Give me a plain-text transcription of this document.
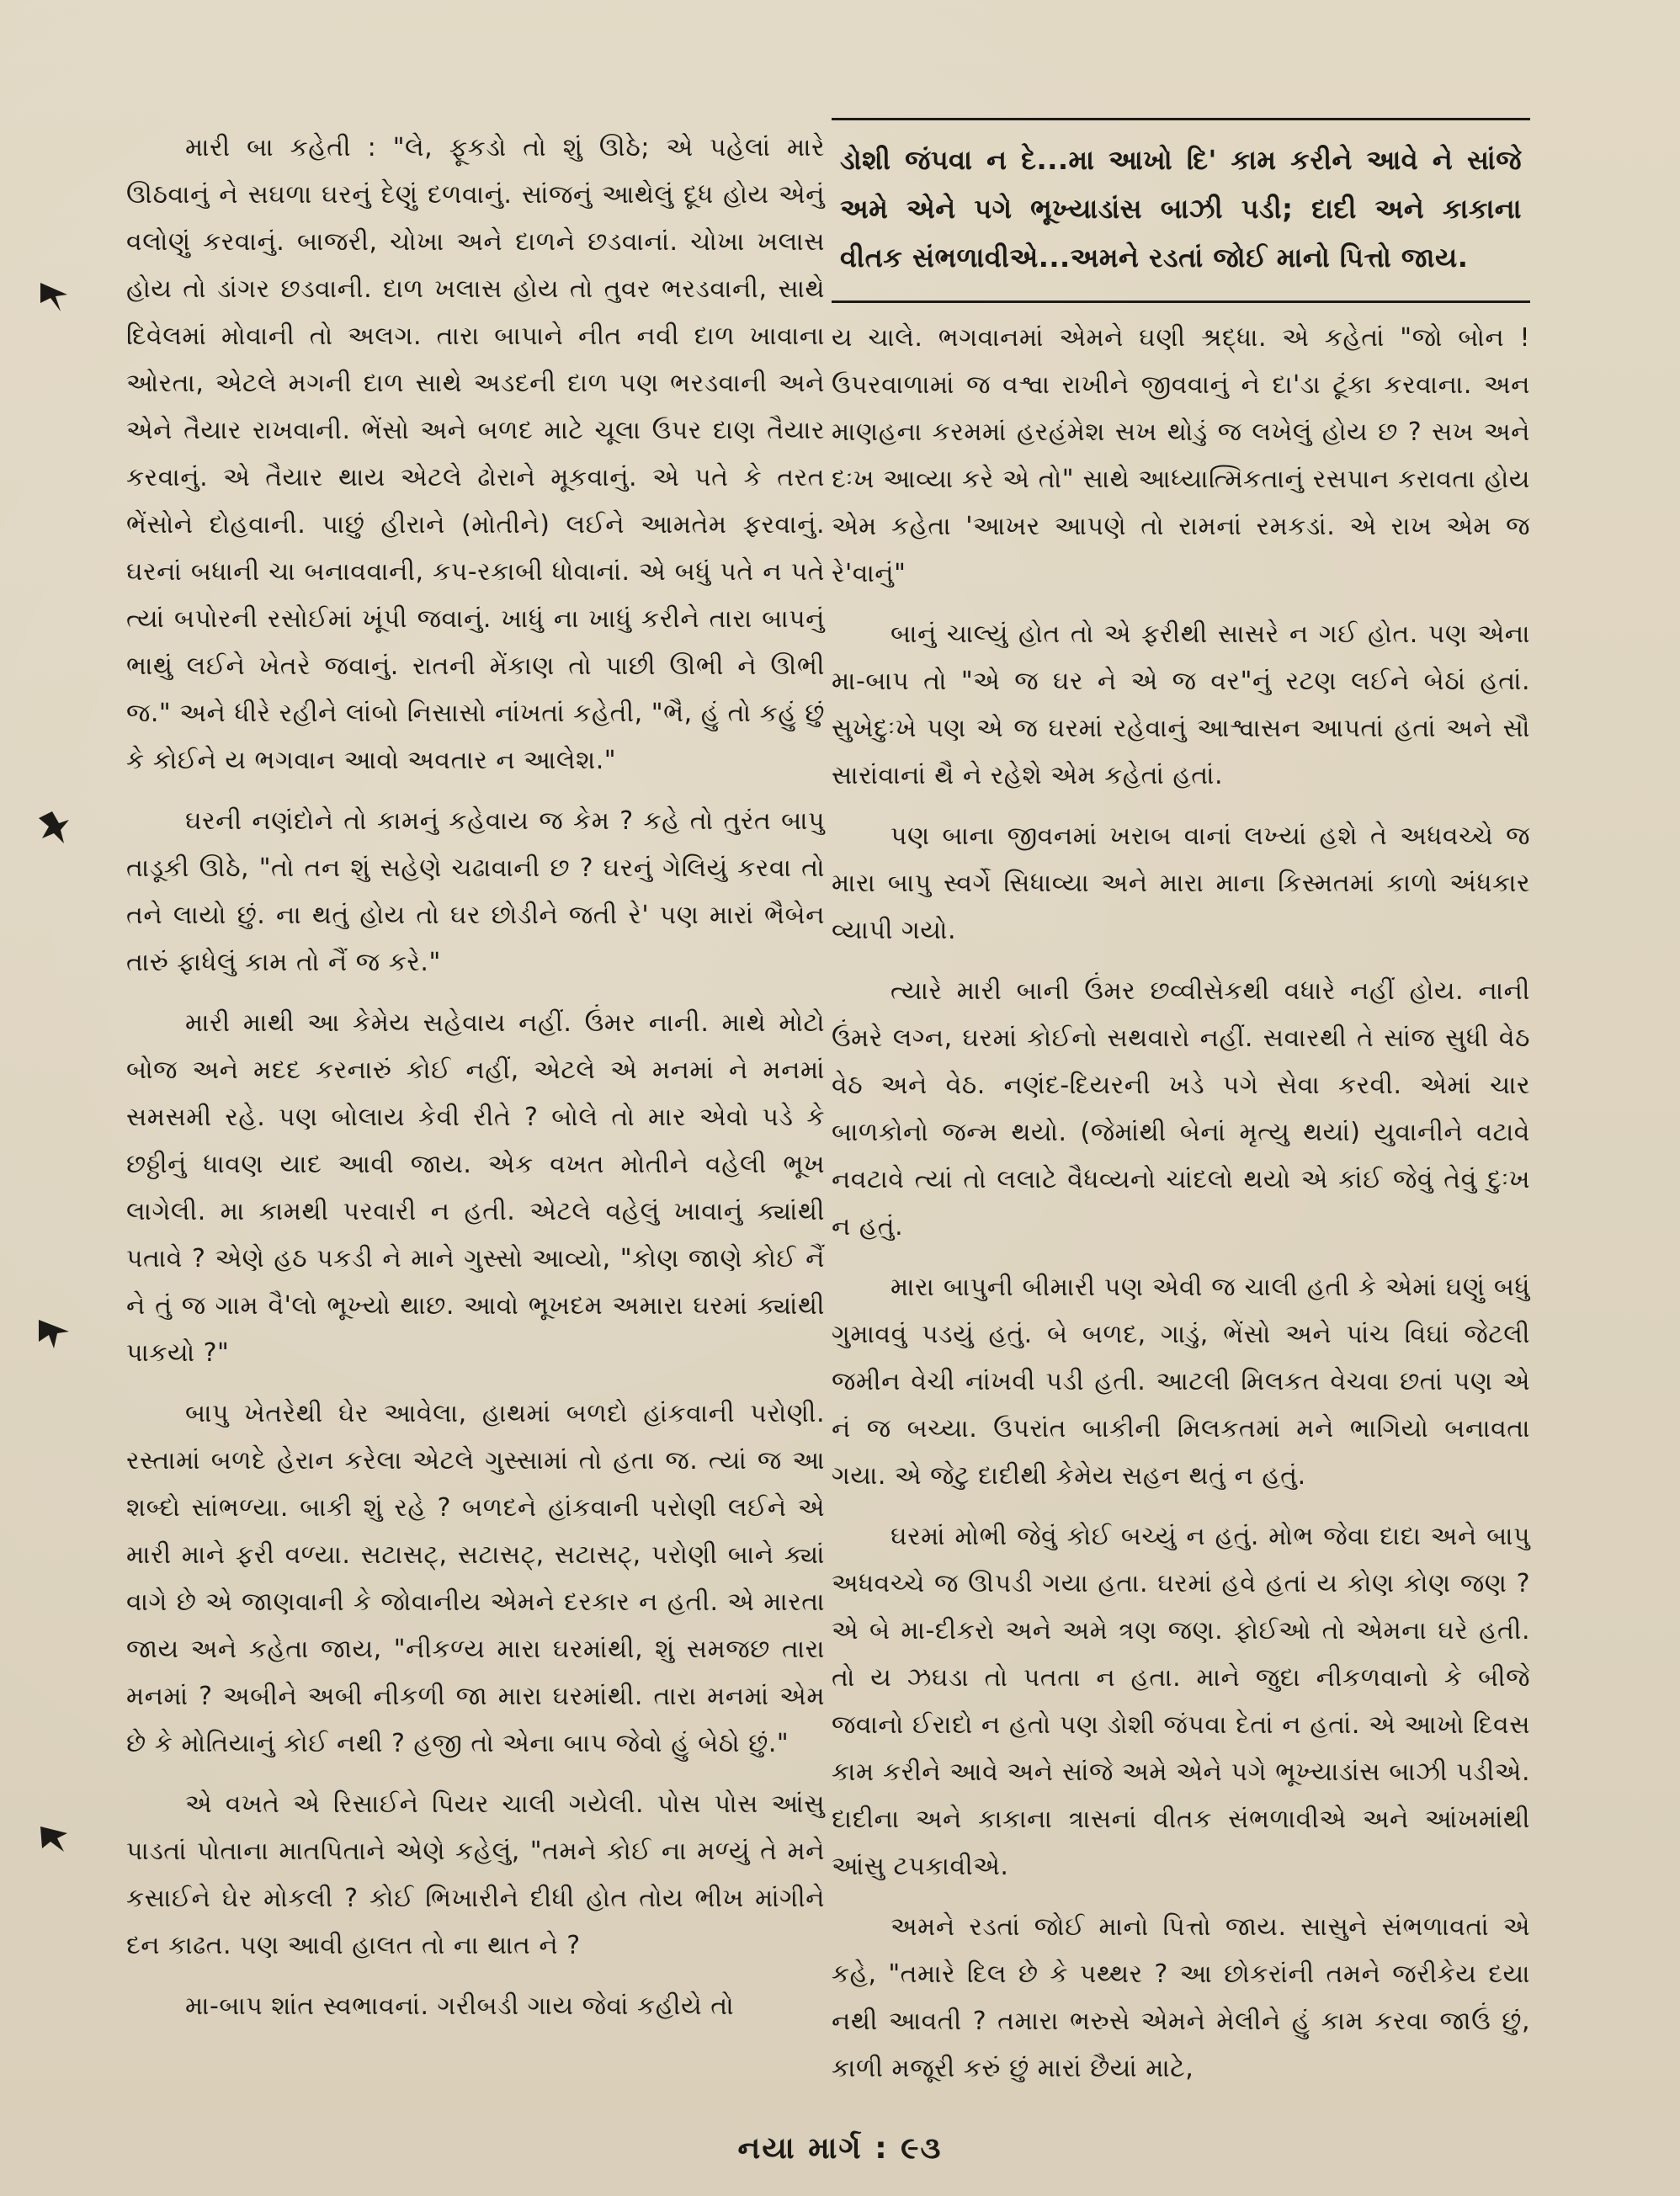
મારી બા કહેતી : "લે, ફૂકડો તો શું ઊઠે; એ પહેલાં મારે ઊઠવાનું ને સઘળા ઘરનું દેણું દળવાનું. સાંજનું આથેલું દૂધ હોય એનું વલોણું કરવાનું. બાજરી, ચોખા અને દાળને છડવાનાં. ચોખા ખલાસ હોય તો ડાંગર છડવાની. દાળ ખલાસ હોય તો તુવર ભરડવાની, સાથે દિવેલમાં મોવાની તો અલગ. તારા બાપાને નીત નવી દાળ ખાવાના ઓરતા, એટલે મગની દાળ સાથે અડદની દાળ પણ ભરડવાની અને એને તૈયાર રાખવાની. ભેંસો અને બળદ માટે ચૂલા ઉપર દાણ તૈયાર કરવાનું. એ તૈયાર થાય એટલે ઢોરાને મૂકવાનું. એ પતે કે તરત ભેંસોને દોહવાની. પાછું હીરાને (મોતીને) લઈને આમતેમ ફરવાનું. ઘરનાં બધાની ચા બનાવવાની, કપ-રકાબી ધોવાનાં. એ બધું પતે ન પતે ત્યાં બપોરની રસોઈમાં ખૂંપી જવાનું. ખાધું ના ખાધું કરીને તારા બાપનું ભાથું લઈને ખેતરે જવાનું. રાતની મેંકાણ તો પાછી ઊભી ને ઊભી જ." અને ધીરે રહીને લાંબો નિસાસો નાંખતાં કહેતી, "ભૈ, હું તો કહું છું કે કોઈને ય ભગવાન આવો અવતાર ન આલેશ."

ઘરની નણંદોને તો કામનું કહેવાય જ કેમ ? કહે તો તુરંત બાપુ તાડૂકી ઊઠે, "તો તન શું સહેણે ચઢાવાની છ ? ઘરનું ગેલિયું કરવા તો તને લાયો છું. ના થતું હોય તો ઘર છોડીને જતી રે' પણ મારાં ભૈબેન તારું ફાધેલું કામ તો નૈં જ કરે."

મારી માથી આ કેમેય સહેવાય નહીં. ઉંમર નાની. માથે મોટો બોજ અને મદદ કરનારું કોઈ નહીં, એટલે એ મનમાં ને મનમાં સમસમી રહે. પણ બોલાય કેવી રીતે ? બોલે તો માર એવો પડે કે છઠ્ઠીનું ધાવણ યાદ આવી જાય. એક વખત મોતીને વહેલી ભૂખ લાગેલી. મા કામથી પરવારી ન હતી. એટલે વહેલું ખાવાનું ક્યાંથી પતાવે ? એણે હઠ પકડી ને માને ગુસ્સો આવ્યો, "કોણ જાણે કોઈ નૈં ને તું જ ગામ વૈ'લો ભૂખ્યો થાછ. આવો ભૂખદમ અમારા ઘરમાં ક્યાંથી પાકયો ?"

બાપુ ખેતરેથી ઘેર આવેલા, હાથમાં બળદો હાંકવાની પરોણી. રસ્તામાં બળદે હેરાન કરેલા એટલે ગુસ્સામાં તો હતા જ. ત્યાં જ આ શબ્દો સાંભળ્યા. બાકી શું રહે ? બળદને હાંકવાની પરોણી લઈને એ મારી માને ફરી વળ્યા. સટાસટ્, સટાસટ્, સટાસટ્, પરોણી બાને ક્યાં વાગે છે એ જાણવાની કે જોવાનીય એમને દરકાર ન હતી. એ મારતા જાય અને કહેતા જાય, "નીકળ્ય મારા ઘરમાંથી, શું સમજછ તારા મનમાં ? અબીને અબી નીકળી જા મારા ઘરમાંથી. તારા મનમાં એમ છે કે મોતિયાનું કોઈ નથી ? હજી તો એના બાપ જેવો હું બેઠો છું."

એ વખતે એ રિસાઈને પિયર ચાલી ગયેલી. પોસ પોસ આંસુ પાડતાં પોતાના માતપિતાને એણે કહેલું, "તમને કોઈ ના મળ્યું તે મને કસાઈને ઘેર મોકલી ? કોઈ ભિખારીને દીધી હોત તોય ભીખ માંગીને દન કાઢત. પણ આવી હાલત તો ના થાત ને ?

મા-બાપ શાંત સ્વભાવનાં. ગરીબડી ગાય જેવાં કહીયે તો

ડોશી જંપવા ન દે...મા આખો દિ' કામ કરીને આવે ને સાંજે અમે એને પગે ભૂખ્યાડાંસ બાઝી પડી; દાદી અને કાકાના વીતક સંભળાવીએ...અમને રડતાં જોઈ માનો પિત્તો જાય.

ય ચાલે. ભગવાનમાં એમને ઘણી શ્રદ્ધા. એ કહેતાં "જો બોન ! ઉપરવાળામાં જ વશ્વા રાખીને જીવવાનું ને દા'ડા ટૂંકા કરવાના. અન માણહના કરમમાં હરહંમેશ સખ થોડું જ લખેલું હોય છ ? સખ અને દઃખ આવ્યા કરે એ તો" સાથે આધ્યાત્મિકતાનું રસપાન કરાવતા હોય એમ કહેતા 'આખર આપણે તો રામનાં રમકડાં. એ રાખ એમ જ રે'વાનું"

બાનું ચાલ્યું હોત તો એ ફરીથી સાસરે ન ગઈ હોત. પણ એના મા-બાપ તો "એ જ ઘર ને એ જ વર"નું રટણ લઈને બેઠાં હતાં. સુખેદુઃખે પણ એ જ ઘરમાં રહેવાનું આશ્વાસન આપતાં હતાં અને સૌ સારાંવાનાં થૈ ને રહેશે એમ કહેતાં હતાં.

પણ બાના જીવનમાં ખરાબ વાનાં લખ્યાં હશે તે અધવચ્ચે જ મારા બાપુ સ્વર્ગે સિધાવ્યા અને મારા માના કિસ્મતમાં કાળો અંધકાર વ્યાપી ગયો.

ત્યારે મારી બાની ઉંમર છવ્વીસેકથી વધારે નહીં હોય. નાની ઉંમરે લગ્ન, ઘરમાં કોઈનો સથવારો નહીં. સવારથી તે સાંજ સુધી વેઠ વેઠ અને વેઠ. નણંદ-દિયરની ખડે પગે સેવા કરવી. એમાં ચાર બાળકોનો જન્મ થયો. (જેમાંથી બેનાં મૃત્યુ થયાં) યુવાનીને વટાવે નવટાવે ત્યાં તો લલાટે વૈધવ્યનો ચાંદલો થયો એ કાંઈ જેવું તેવું દુઃખ ન હતું.

મારા બાપુની બીમારી પણ એવી જ ચાલી હતી કે એમાં ઘણું બધું ગુમાવવું પડયું હતું. બે બળદ, ગાડું, ભેંસો અને પાંચ વિઘાં જેટલી જમીન વેચી નાંખવી પડી હતી. આટલી મિલકત વેચવા છતાં પણ એ નં જ બચ્યા. ઉપરાંત બાકીની મિલકતમાં મને ભાગિયો બનાવતા ગયા. એ જેટુ દાદીથી કેમેય સહન થતું ન હતું.

ઘરમાં મોભી જેવું કોઈ બચ્યું ન હતું. મોભ જેવા દાદા અને બાપુ અધવચ્ચે જ ઊપડી ગયા હતા. ઘરમાં હવે હતાં ય કોણ કોણ જણ ? એ બે મા-દીકરો અને અમે ત્રણ જણ. ફોઈઓ તો એમના ઘરે હતી. તો ય ઝઘડા તો પતતા ન હતા. માને જુદા નીકળવાનો કે બીજે જવાનો ઈરાદો ન હતો પણ ડોશી જંપવા દેતાં ન હતાં. એ આખો દિવસ કામ કરીને આવે અને સાંજે અમે એને પગે ભૂખ્યાડાંસ બાઝી પડીએ. દાદીના અને કાકાના ત્રાસનાં વીતક સંભળાવીએ અને આંખમાંથી આંસુ ટપકાવીએ.

અમને રડતાં જોઈ માનો પિત્તો જાય. સાસુને સંભળાવતાં એ કહે, "તમારે દિલ છે કે પથ્થર ? આ છોકરાંની તમને જરીકેય દયા નથી આવતી ? તમારા ભરુસે એમને મેલીને હું કામ કરવા જાઉં છું, કાળી મજૂરી કરું છું મારાં છૈયાં માટે,

નયા માર્ગ : ૯૩
